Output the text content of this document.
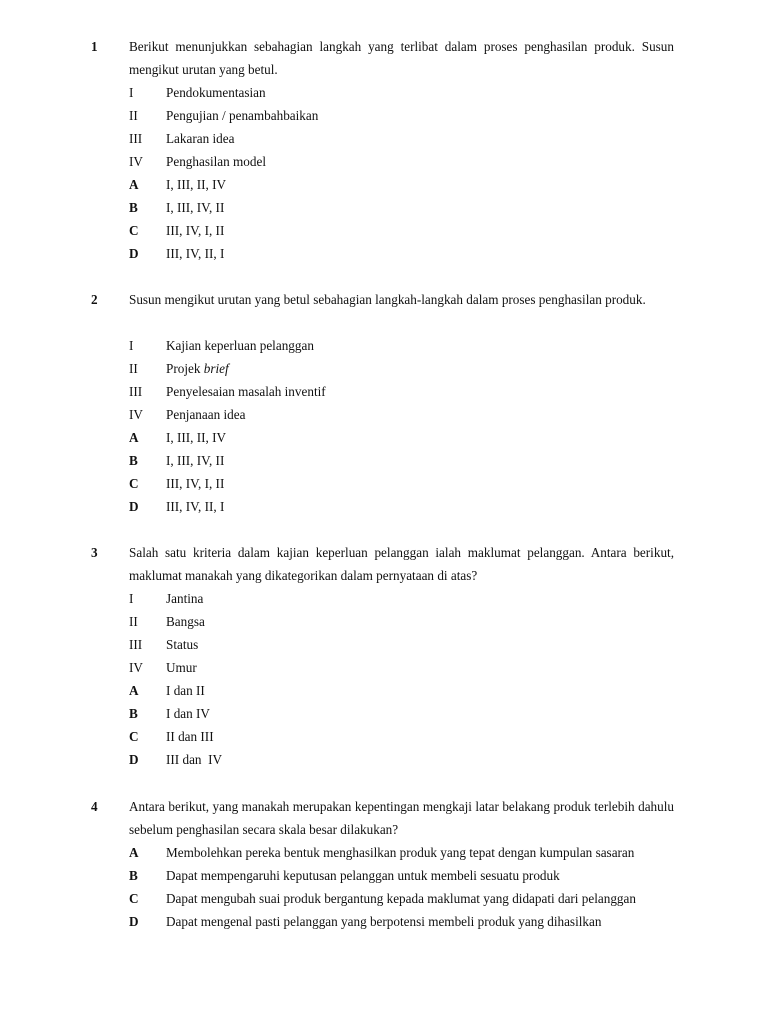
1 Berikut menunjukkan sebahagian langkah yang terlibat dalam proses penghasilan produk. Susun mengikut urutan yang betul.
I Pendokumentasian
II Pengujian / penambahbaikan
III Lakaran idea
IV Penghasilan model
A I, III, II, IV
B I, III, IV, II
C III, IV, I, II
D III, IV, II, I
2 Susun mengikut urutan yang betul sebahagian langkah-langkah dalam proses penghasilan produk.
I Kajian keperluan pelanggan
II Projek brief
III Penyelesaian masalah inventif
IV Penjanaan idea
A I, III, II, IV
B I, III, IV, II
C III, IV, I, II
D III, IV, II, I
3 Salah satu kriteria dalam kajian keperluan pelanggan ialah maklumat pelanggan. Antara berikut, maklumat manakah yang dikategorikan dalam pernyataan di atas?
I Jantina
II Bangsa
III Status
IV Umur
A I dan II
B I dan IV
C II dan III
D III dan  IV
4 Antara berikut, yang manakah merupakan kepentingan mengkaji latar belakang produk terlebih dahulu sebelum penghasilan secara skala besar dilakukan?
A Membolehkan pereka bentuk menghasilkan produk yang tepat dengan kumpulan sasaran
B Dapat mempengaruhi keputusan pelanggan untuk membeli sesuatu produk
C Dapat mengubah suai produk bergantung kepada maklumat yang didapati dari pelanggan
D Dapat mengenal pasti pelanggan yang berpotensi membeli produk yang dihasilkan
